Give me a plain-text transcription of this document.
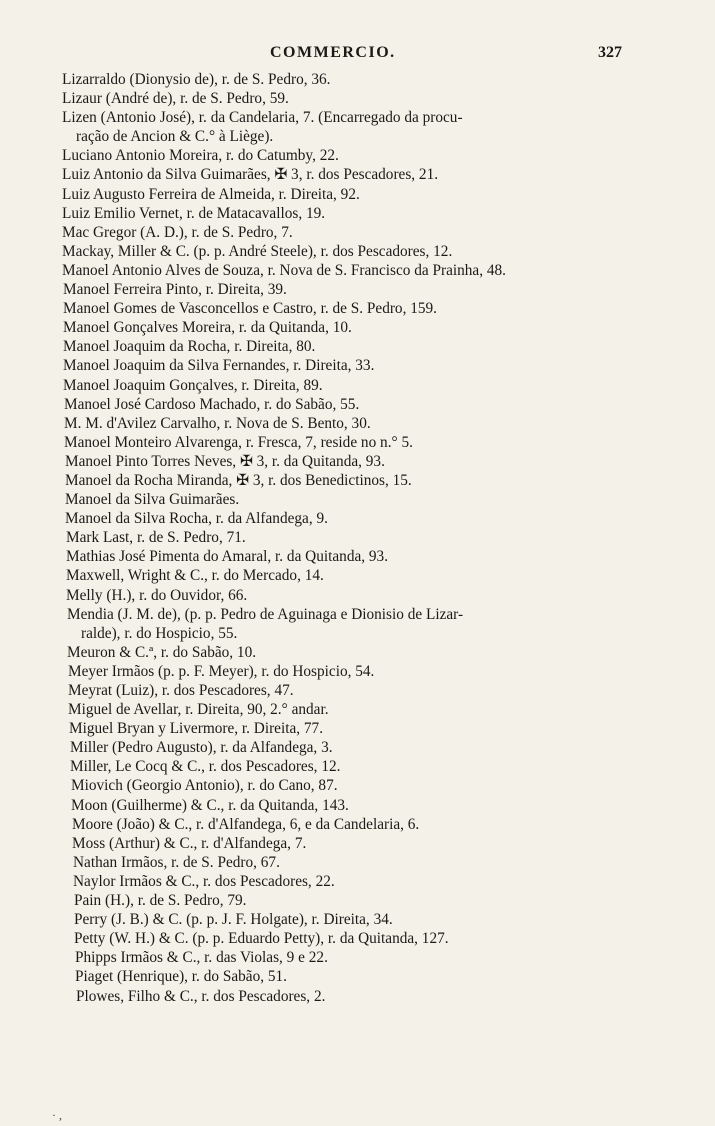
COMMERCIO.	327
Lizarraldo (Dionysio de), r. de S. Pedro, 36.
Lizaur (André de), r. de S. Pedro, 59.
Lizen (Antonio José), r. da Candelaria, 7. (Encarregado da procu-
ração de Ancion & C.° à Liège).
Luciano Antonio Moreira, r. do Catumby, 22.
Luiz Antonio da Silva Guimarães, ✠ 3, r. dos Pescadores, 21.
Luiz Augusto Ferreira de Almeida, r. Direita, 92.
Luiz Emilio Vernet, r. de Matacavallos, 19.
Mac Gregor (A. D.), r. de S. Pedro, 7.
Mackay, Miller & C. (p. p. André Steele), r. dos Pescadores, 12.
Manoel Antonio Alves de Souza, r. Nova de S. Francisco da Prainha, 48.
Manoel Ferreira Pinto, r. Direita, 39.
Manoel Gomes de Vasconcellos e Castro, r. de S. Pedro, 159.
Manoel Gonçalves Moreira, r. da Quitanda, 10.
Manoel Joaquim da Rocha, r. Direita, 80.
Manoel Joaquim da Silva Fernandes, r. Direita, 33.
Manoel Joaquim Gonçalves, r. Direita, 89.
Manoel José Cardoso Machado, r. do Sabão, 55.
M. M. d'Avilez Carvalho, r. Nova de S. Bento, 30.
Manoel Monteiro Alvarenga, r. Fresca, 7, reside no n.° 5.
Manoel Pinto Torres Neves, ✠ 3, r. da Quitanda, 93.
Manoel da Rocha Miranda, ✠ 3, r. dos Benedictinos, 15.
Manoel da Silva Guimarães.
Manoel da Silva Rocha, r. da Alfandega, 9.
Mark Last, r. de S. Pedro, 71.
Mathias José Pimenta do Amaral, r. da Quitanda, 93.
Maxwell, Wright & C., r. do Mercado, 14.
Melly (H.), r. do Ouvidor, 66.
Mendia (J. M. de), (p. p. Pedro de Aguinaga e Dionisio de Lizar-
ralde), r. do Hospicio, 55.
Meuron & C.ª, r. do Sabão, 10.
Meyer Irmãos (p. p. F. Meyer), r. do Hospicio, 54.
Meyrat (Luiz), r. dos Pescadores, 47.
Miguel de Avellar, r. Direita, 90, 2.° andar.
Miguel Bryan y Livermore, r. Direita, 77.
Miller (Pedro Augusto), r. da Alfandega, 3.
Miller, Le Cocq & C., r. dos Pescadores, 12.
Miovich (Georgio Antonio), r. do Cano, 87.
Moon (Guilherme) & C., r. da Quitanda, 143.
Moore (João) & C., r. d'Alfandega, 6, e da Candelaria, 6.
Moss (Arthur) & C., r. d'Alfandega, 7.
Nathan Irmãos, r. de S. Pedro, 67.
Naylor Irmãos & C., r. dos Pescadores, 22.
Pain (H.), r. de S. Pedro, 79.
Perry (J. B.) & C. (p. p. J. F. Holgate), r. Direita, 34.
Petty (W. H.) & C. (p. p. Eduardo Petty), r. da Quitanda, 127.
Phipps Irmãos & C., r. das Violas, 9 e 22.
Piaget (Henrique), r. do Sabão, 51.
Plowes, Filho & C., r. dos Pescadores, 2.
· ,
